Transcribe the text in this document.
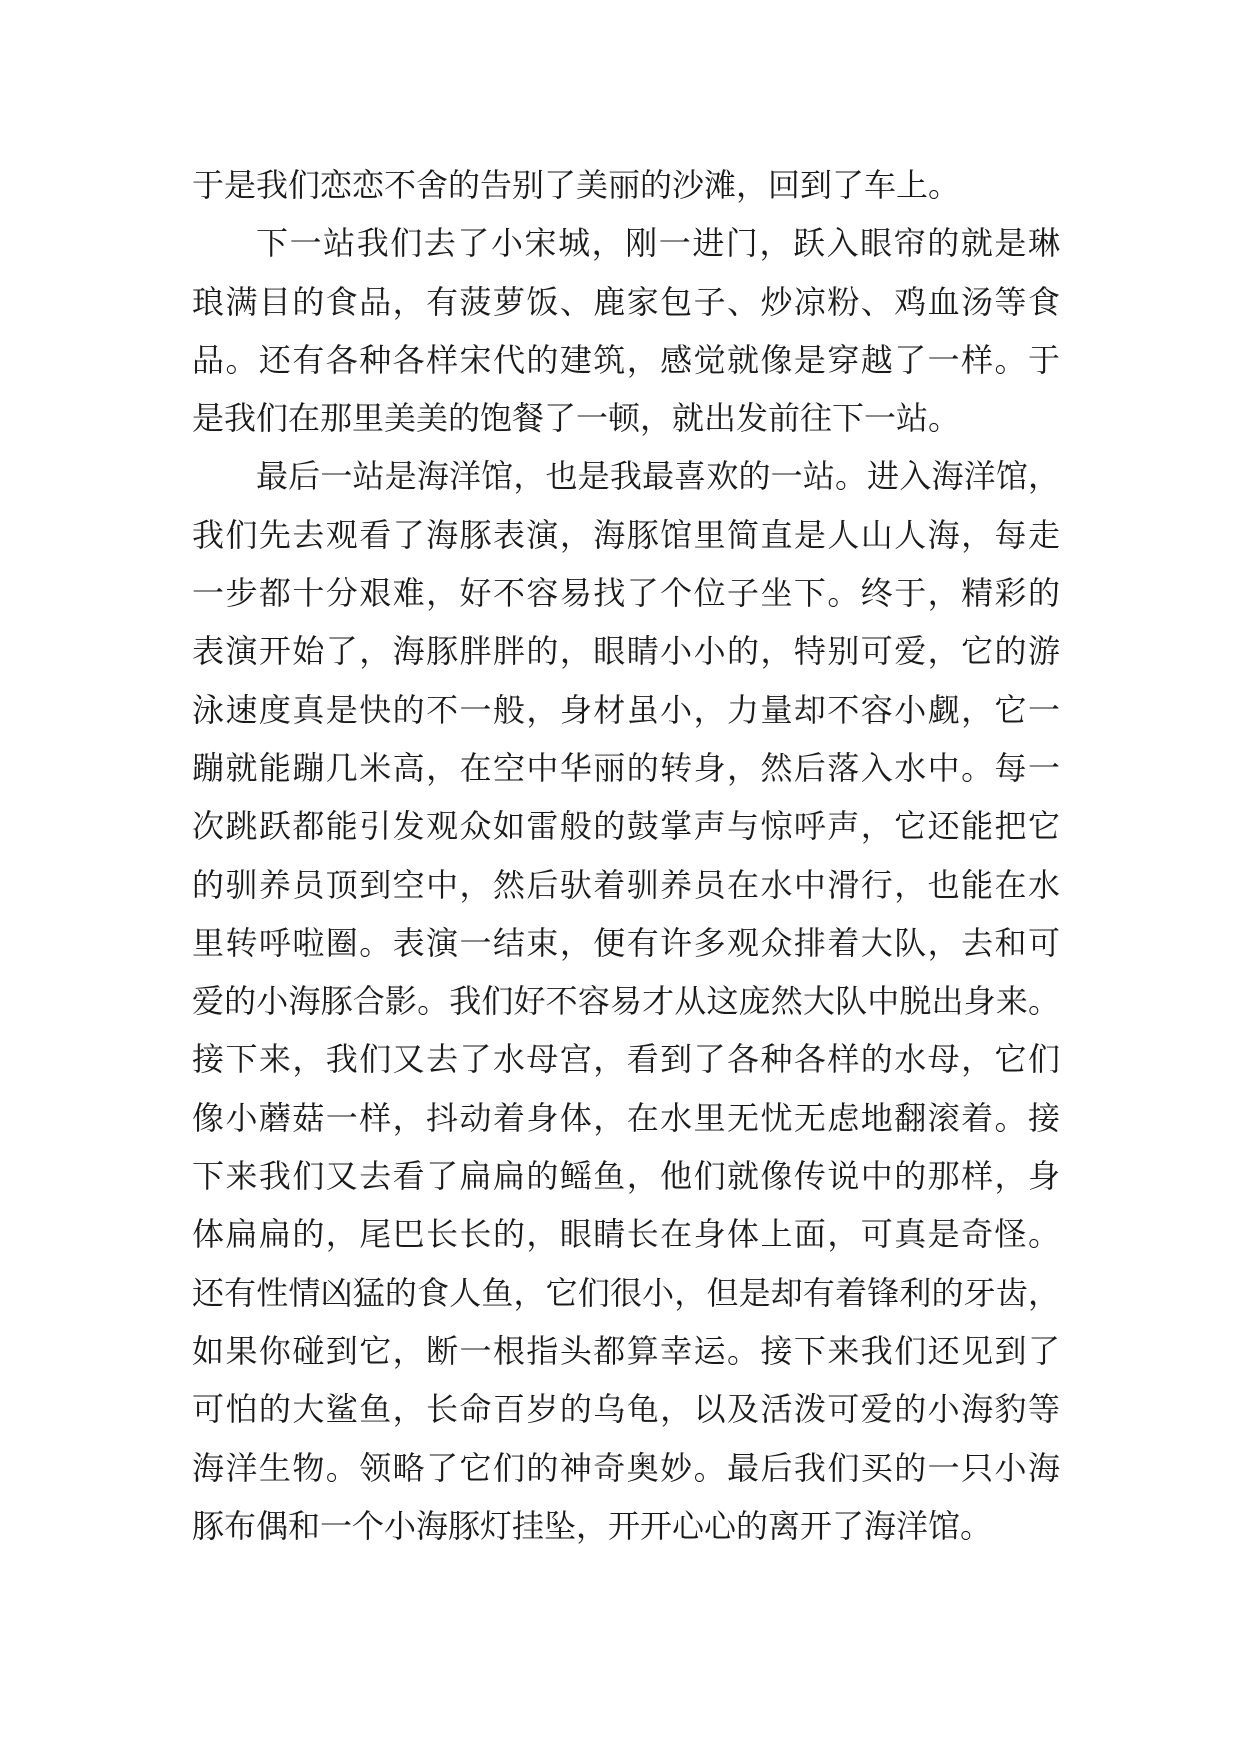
于是我们恋恋不舍的告别了美丽的沙滩，回到了车上。
下一站我们去了小宋城，刚一进门，跃入眼帘的就是琳
琅满目的食品，有菠萝饭、鹿家包子、炒凉粉、鸡血汤等食
品。还有各种各样宋代的建筑，感觉就像是穿越了一样。于
是我们在那里美美的饱餐了一顿，就出发前往下一站。
最后一站是海洋馆，也是我最喜欢的一站。进入海洋馆，
我们先去观看了海豚表演，海豚馆里简直是人山人海，每走
一步都十分艰难，好不容易找了个位子坐下。终于，精彩的
表演开始了，海豚胖胖的，眼睛小小的，特别可爱，它的游
泳速度真是快的不一般，身材虽小，力量却不容小觑，它一
蹦就能蹦几米高，在空中华丽的转身，然后落入水中。每一
次跳跃都能引发观众如雷般的鼓掌声与惊呼声，它还能把它
的驯养员顶到空中，然后驮着驯养员在水中滑行，也能在水
里转呼啦圈。表演一结束，便有许多观众排着大队，去和可
爱的小海豚合影。我们好不容易才从这庞然大队中脱出身来。
接下来，我们又去了水母宫，看到了各种各样的水母，它们
像小蘑菇一样，抖动着身体，在水里无忧无虑地翻滚着。接
下来我们又去看了扁扁的鳐鱼，他们就像传说中的那样，身
体扁扁的，尾巴长长的，眼睛长在身体上面，可真是奇怪。
还有性情凶猛的食人鱼，它们很小，但是却有着锋利的牙齿，
如果你碰到它，断一根指头都算幸运。接下来我们还见到了
可怕的大鲨鱼，长命百岁的乌龟，以及活泼可爱的小海豹等
海洋生物。领略了它们的神奇奥妙。最后我们买的一只小海
豚布偶和一个小海豚灯挂坠，开开心心的离开了海洋馆。
